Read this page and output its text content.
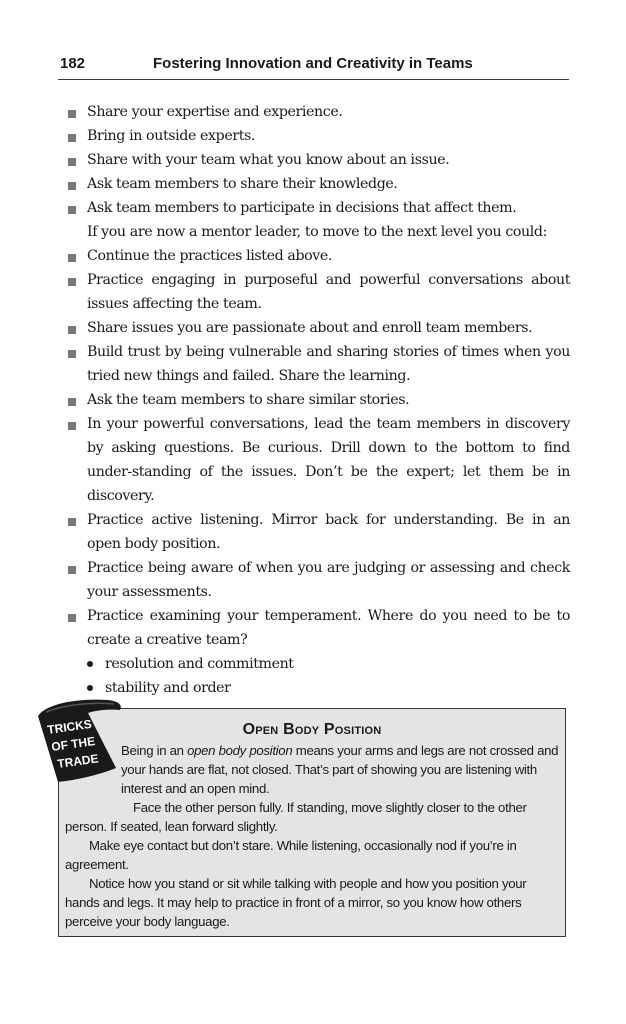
182	Fostering Innovation and Creativity in Teams
Share your expertise and experience.
Bring in outside experts.
Share with your team what you know about an issue.
Ask team members to share their knowledge.
Ask team members to participate in decisions that affect them.

If you are now a mentor leader, to move to the next level you could:

Continue the practices listed above.
Practice engaging in purposeful and powerful conversations about issues affecting the team.
Share issues you are passionate about and enroll team members.
Build trust by being vulnerable and sharing stories of times when you tried new things and failed. Share the learning.
Ask the team members to share similar stories.
In your powerful conversations, lead the team members in discovery by asking questions. Be curious. Drill down to the bottom to find under-standing of the issues. Don’t be the expert; let them be in discovery.
Practice active listening. Mirror back for understanding. Be in an open body position.
Practice being aware of when you are judging or assessing and check your assessments.
Practice examining your temperament. Where do you need to be to create a creative team?
resolution and commitment
stability and order
Open Body Position

Being in an open body position means your arms and legs are not crossed and your hands are flat, not closed. That’s part of showing you are listening with interest and an open mind.

Face the other person fully. If standing, move slightly closer to the other person. If seated, lean forward slightly.

Make eye contact but don’t stare. While listening, occasionally nod if you’re in agreement.

Notice how you stand or sit while talking with people and how you position your hands and legs. It may help to practice in front of a mirror, so you know how others perceive your body language.

TRICKS
OF THE
TRADE
